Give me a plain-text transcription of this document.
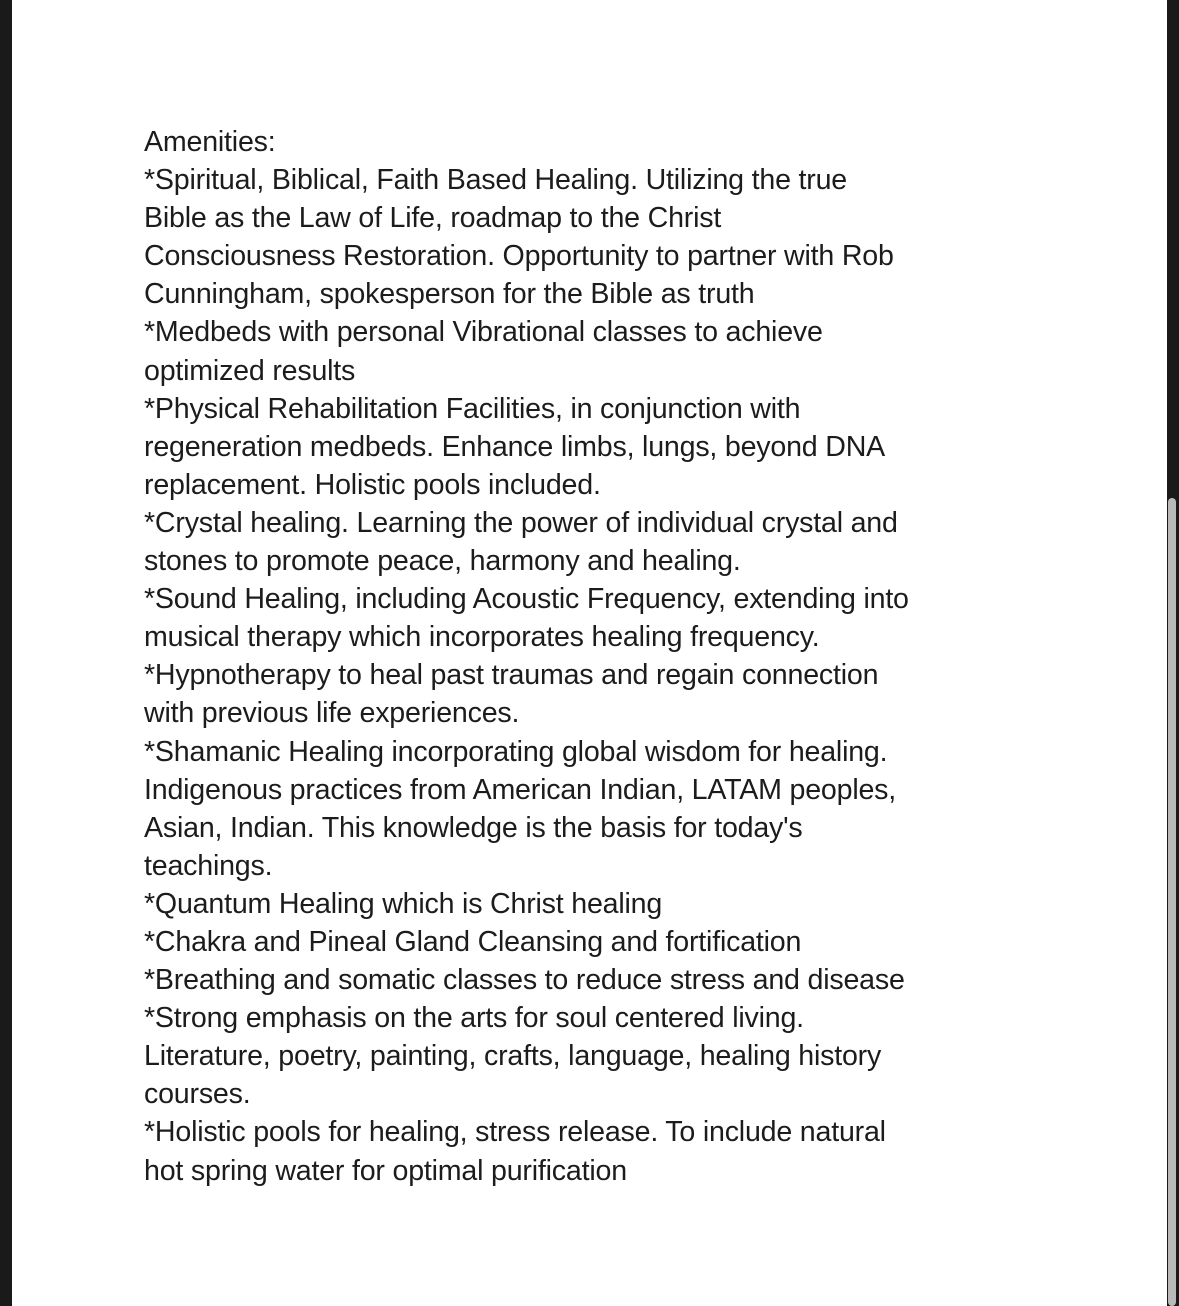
Amenities:
*Spiritual, Biblical, Faith Based Healing. Utilizing the true
Bible as the Law of Life, roadmap to the Christ
Consciousness Restoration. Opportunity to partner with Rob
Cunningham, spokesperson for the Bible as truth
*Medbeds with personal Vibrational classes to achieve
optimized results
*Physical Rehabilitation Facilities, in conjunction with
regeneration medbeds. Enhance limbs, lungs, beyond DNA
replacement. Holistic pools included.
*Crystal healing. Learning the power of individual crystal and
stones to promote peace, harmony and healing.
*Sound Healing, including Acoustic Frequency, extending into
musical therapy which incorporates healing frequency.
*Hypnotherapy to heal past traumas and regain connection
with previous life experiences.
*Shamanic Healing incorporating global wisdom for healing.
Indigenous practices from American Indian, LATAM peoples,
Asian, Indian. This knowledge is the basis for today's
teachings.
*Quantum Healing which is Christ healing
*Chakra and Pineal Gland Cleansing and fortification
*Breathing and somatic classes to reduce stress and disease
*Strong emphasis on the arts for soul centered living.
Literature, poetry, painting, crafts, language, healing history
courses.
*Holistic pools for healing, stress release. To include natural
hot spring water for optimal purification
